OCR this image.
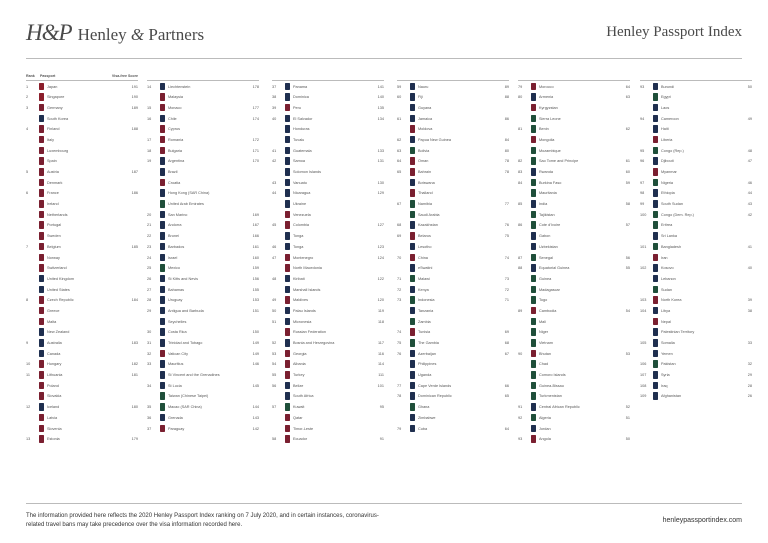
H&P Henley & Partners	Henley Passport Index
Rank	Passport	Visa-free Score
1	Japan	191
2	Singapore	190
3	Germany	189
South Korea
4	Finland	188
Italy
Luxembourg
Spain
5	Austria	187
Denmark
6	France	186
Ireland
Netherlands
Portugal
Sweden
7	Belgium	185
Norway
Switzerland
United Kingdom
United States
8	Czech Republic	184
Greece
Malta
New Zealand
9	Australia	183
Canada
10	Hungary	182
11	Lithuania	181
Poland
Slovakia
12	Iceland	180
Latvia
Slovenia
13	Estonia	179
14	Liechtenstein	178
Malaysia
15	Monaco	177
16	Chile	174
Cyprus
17	Romania	172
18	Bulgaria	171
19	Argentina	170
Brazil
Croatia
Hong Kong (SAR China)
United Arab Emirates
20	San Marino	169
21	Andorra	167
22	Brunei	166
23	Barbados	161
24	Israel	160
25	Mexico	159
26	St Kitts and Nevis	156
27	Bahamas	155
28	Uruguay	153
29	Antigua and Barbuda	151
Seychelles
30	Costa Rica	150
31	Trinidad and Tobago	149
32	Vatican City	149
33	Mauritius	146
St Vincent and the Grenadines
34	St Lucia	145
Taiwan (Chinese Taipei)
35	Macao (SAR China)	144
36	Grenada	143
37	Paraguay	142
37	Panama	141
38	Dominica	140
39	Peru	135
40	El Salvador	134
Honduras
Tuvalu
41	Guatemala	133
42	Samoa	131
Solomon Islands
43	Vanuatu	130
44	Nicaragua	129
Ukraine
Venezuela
45	Colombia	127
Tonga
46	Tonga	123
47	Montenegro	124
North Macedonia
48	Kiribati	122
Marshall Islands
49	Maldives	120
50	Palau Islands	119
51	Micronesia	118
Russian Federation
52	Bosnia and Herzegovina	117
53	Georgia	116
54	Albania	114
55	Turkey	111
56	Belize	101
South Africa
57	Kuwait	95
Qatar
Timor-Leste
58	Ecuador	91
59	Nauru	89
60	Fiji	88
Guyana
61	Jamaica	86
Moldova
62	Papua New Guinea	84
63	Bolivia	80
64	Oman	78
65	Bahrain	78
Botswana
Thailand
67	Namibia	77
Saudi Arabia
68	Kazakhstan	76
69	Belarus	75
Lesotho
70	China	74
eSwatini
71	Malawi	73
72	Kenya	72
73	Indonesia	71
Tanzania
Zambia
74	Tunisia	69
75	The Gambia	68
76	Azerbaijan	67
Philippines
Uganda
77	Cape Verde Islands	66
78	Dominican Republic	65
Ghana
Zimbabwe
79	Cuba	64
79	Morocco	64
80	Armenia	63
Kyrgyzstan
Sierra Leone
81	Benin	62
Mongolia
Mozambique
82	Sao Tome and Principe	61
83	Rwanda	60
84	Burkina Faso	59
Mauritania
85	India	58
Tajikistan
86	Cote d'Ivoire	57
Gabon
Uzbekistan
87	Senegal	56
88	Equatorial Guinea	55
Guinea
Madagascar
Togo
89	Cambodia	54
Mali
Niger
Vietnam
90	Bhutan	53
Chad
Comoro Islands
Guinea-Bissau
Turkmenistan
91	Central African Republic	52
92	Algeria	51
Jordan
93	Angola	50
93	Burundi	50
Egypt
Laos
94	Cameroon	49
Haiti
Liberia
95	Congo (Rep.)	48
96	Djibouti	47
Myanmar
97	Nigeria	46
98	Ethiopia	44
99	South Sudan	43
100	Congo (Dem. Rep.)	42
Eritrea
Sri Lanka
101	Bangladesh	41
Iran
102	Kosovo	40
Lebanon
Sudan
103	North Korea	39
104	Libya	38
Nepal
Palestinian Territory
105	Somalia	33
Yemen
106	Pakistan	32
107	Syria	29
108	Iraq	28
109	Afghanistan	26
The information provided here reflects the 2020 Henley Passport Index ranking on 7 July 2020, and in certain instances, coronavirus-related travel bans may take precedence over the visa information recorded here.
henleypassportindex.com
